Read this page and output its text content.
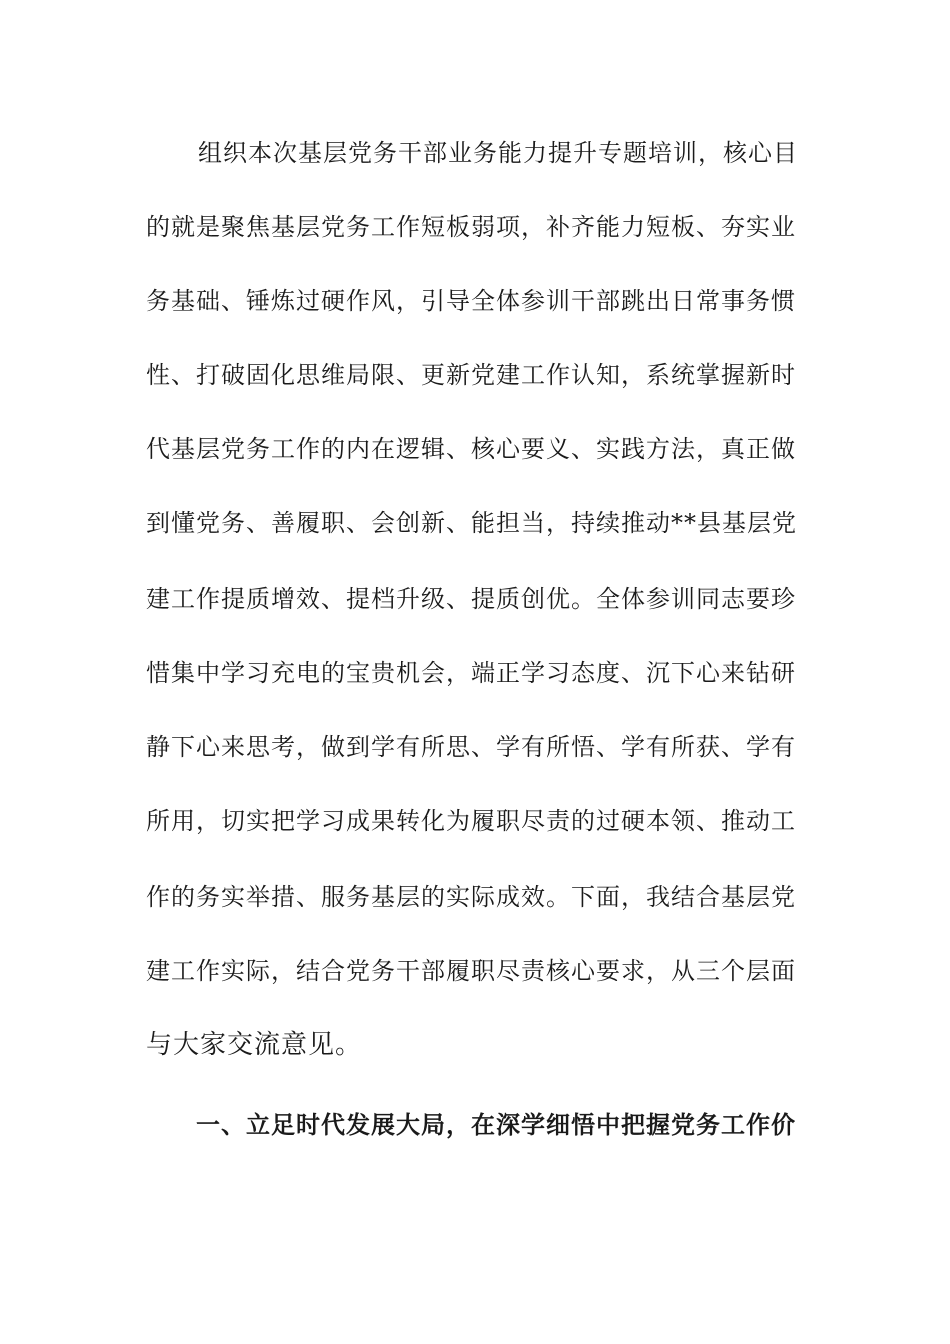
组织本次基层党务干部业务能力提升专题培训，核心目
的就是聚焦基层党务工作短板弱项，补齐能力短板、夯实业
务基础、锤炼过硬作风，引导全体参训干部跳出日常事务惯
性、打破固化思维局限、更新党建工作认知，系统掌握新时
代基层党务工作的内在逻辑、核心要义、实践方法，真正做
到懂党务、善履职、会创新、能担当，持续推动**县基层党
建工作提质增效、提档升级、提质创优。全体参训同志要珍
惜集中学习充电的宝贵机会，端正学习态度、沉下心来钻研
静下心来思考，做到学有所思、学有所悟、学有所获、学有
所用，切实把学习成果转化为履职尽责的过硬本领、推动工
作的务实举措、服务基层的实际成效。下面，我结合基层党
建工作实际，结合党务干部履职尽责核心要求，从三个层面
与大家交流意见。
一、立足时代发展大局，在深学细悟中把握党务工作价
